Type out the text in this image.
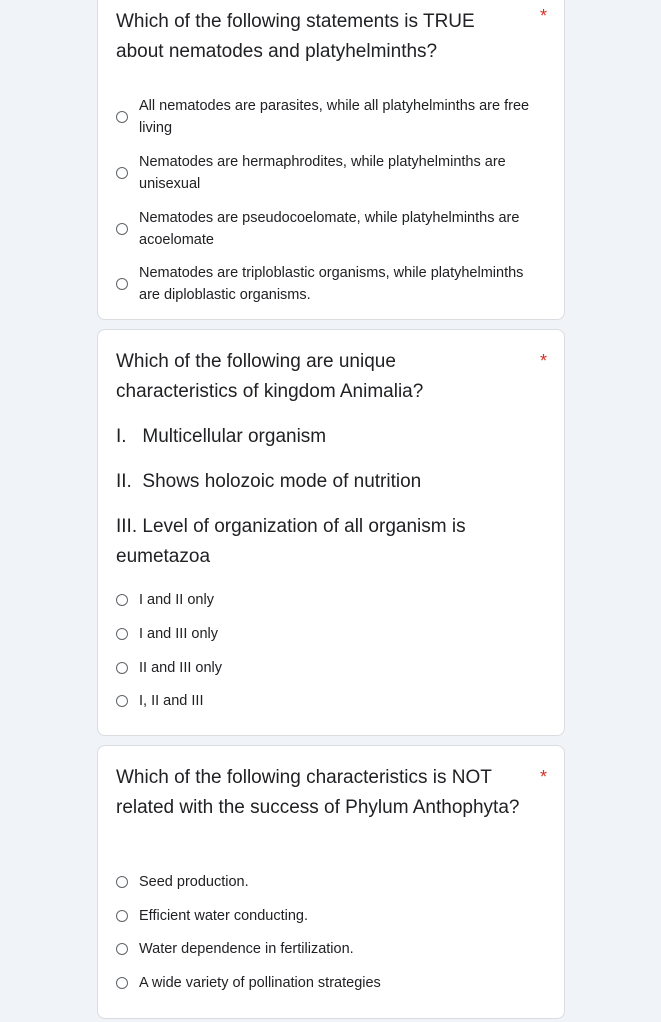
Which of the following statements is TRUE about nematodes and platyhelminths?
*
All nematodes are parasites, while all platyhelminths are free living
Nematodes are hermaphrodites, while platyhelminths are unisexual
Nematodes are pseudocoelomate, while platyhelminths are acoelomate
Nematodes are triploblastic organisms, while platyhelminths are diploblastic organisms.
Which of the following are unique characteristics of kingdom Animalia?
*

I.   Multicellular organism

II.  Shows holozoic mode of nutrition

III. Level of organization of all organism is eumetazoa

I and II only
I and III only
II and III only
I, II and III
Which of the following characteristics is NOT related with the success of Phylum Anthophyta?
*
Seed production.
Efficient water conducting.
Water dependence in fertilization.
A wide variety of pollination strategies
